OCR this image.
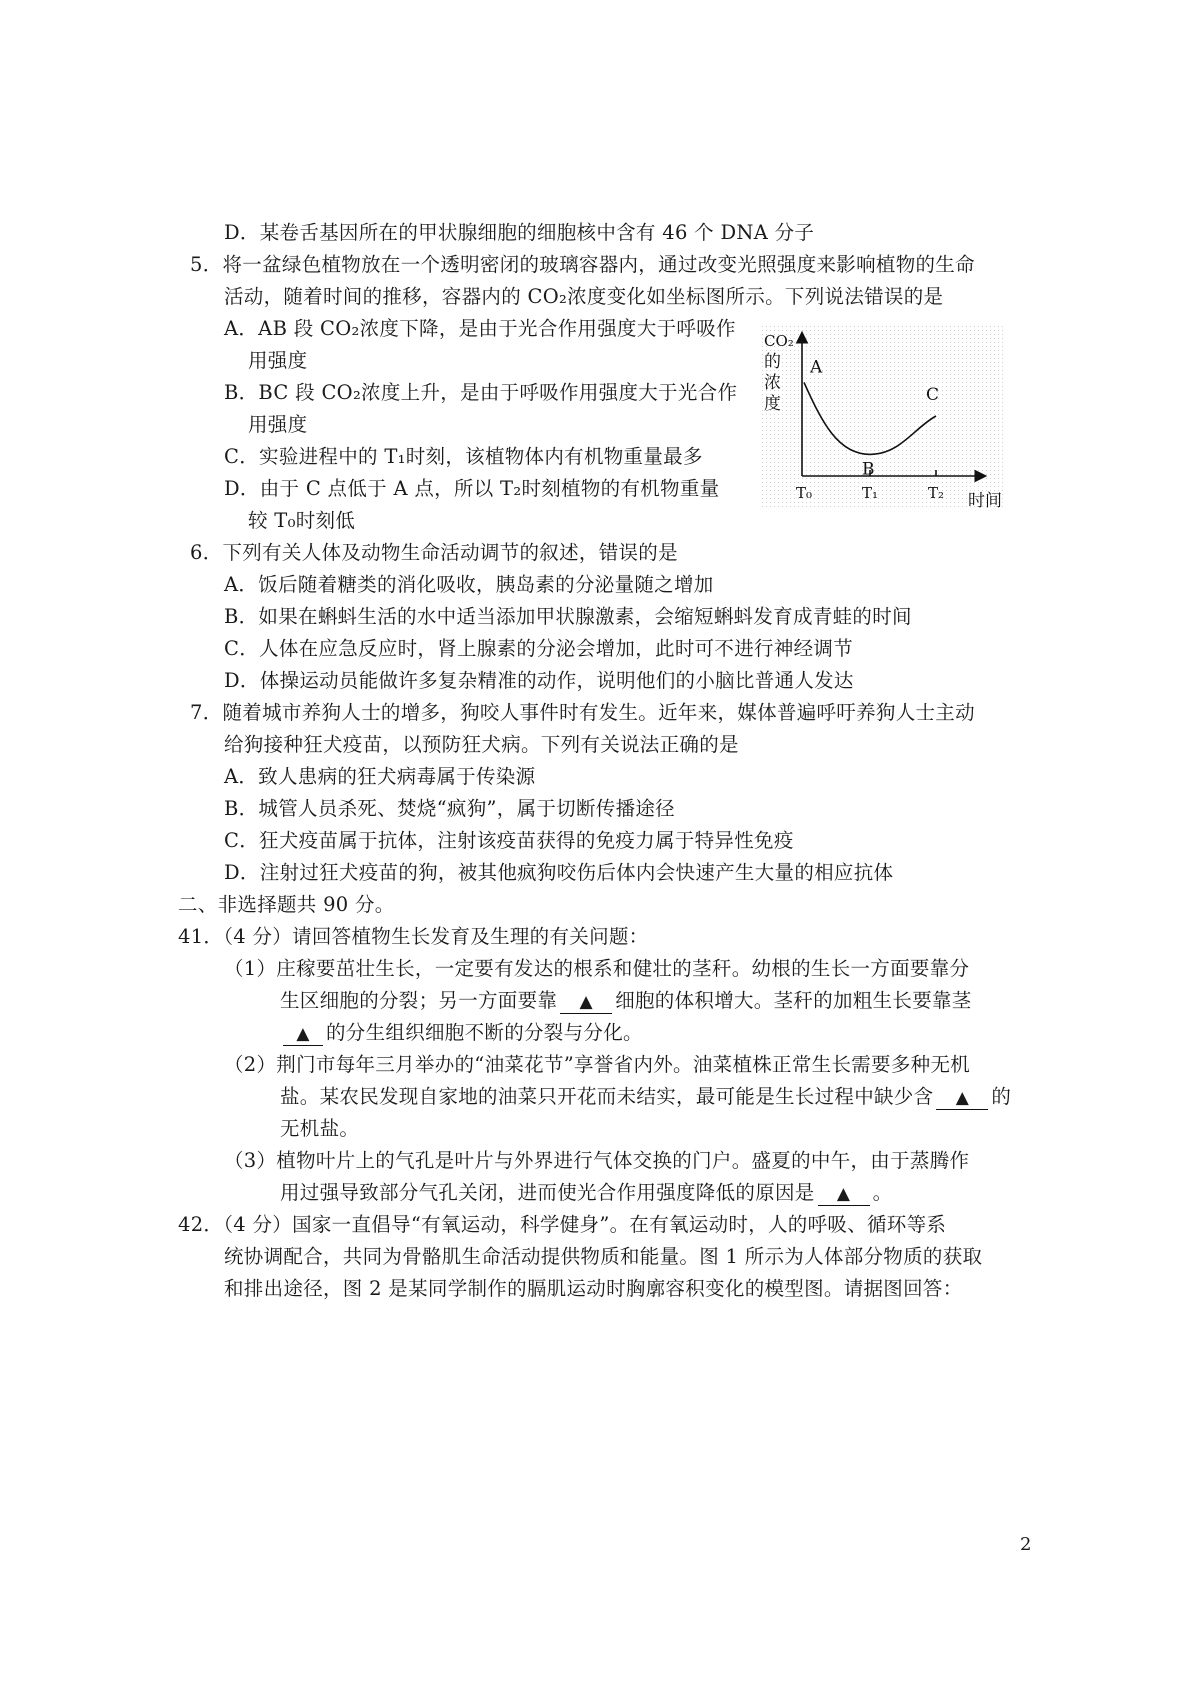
D．某卷舌基因所在的甲状腺细胞的细胞核中含有 46 个 DNA 分子
5．将一盆绿色植物放在一个透明密闭的玻璃容器内，通过改变光照强度来影响植物的生命
活动，随着时间的推移，容器内的 CO₂浓度变化如坐标图所示。下列说法错误的是
A．AB 段 CO₂浓度下降，是由于光合作用强度大于呼吸作
用强度
B．BC 段 CO₂浓度上升，是由于呼吸作用强度大于光合作
用强度
C．实验进程中的 T₁时刻，该植物体内有机物重量最多
D．由于 C 点低于 A 点，所以 T₂时刻植物的有机物重量
较 T₀时刻低
CO₂
的
浓
度
T₀	T₁	T₂
A
B
C
时间
6．下列有关人体及动物生命活动调节的叙述，错误的是
A．饭后随着糖类的消化吸收，胰岛素的分泌量随之增加
B．如果在蝌蚪生活的水中适当添加甲状腺激素，会缩短蝌蚪发育成青蛙的时间
C．人体在应急反应时，肾上腺素的分泌会增加，此时可不进行神经调节
D．体操运动员能做许多复杂精准的动作，说明他们的小脑比普通人发达
7．随着城市养狗人士的增多，狗咬人事件时有发生。近年来，媒体普遍呼吁养狗人士主动
给狗接种狂犬疫苗，以预防狂犬病。下列有关说法正确的是
A．致人患病的狂犬病毒属于传染源
B．城管人员杀死、焚烧“疯狗”，属于切断传播途径
C．狂犬疫苗属于抗体，注射该疫苗获得的免疫力属于特异性免疫
D．注射过狂犬疫苗的狗，被其他疯狗咬伤后体内会快速产生大量的相应抗体
二、非选择题共 90 分。
41．（4 分）请回答植物生长发育及生理的有关问题：
（1）庄稼要茁壮生长，一定要有发达的根系和健壮的茎秆。幼根的生长一方面要靠分
生区细胞的分裂；另一方面要靠 ▲ 细胞的体积增大。茎秆的加粗生长要靠茎
▲ 的分生组织细胞不断的分裂与分化。
（2）荆门市每年三月举办的“油菜花节”享誉省内外。油菜植株正常生长需要多种无机
盐。某农民发现自家地的油菜只开花而未结实，最可能是生长过程中缺少含 ▲ 的
无机盐。
（3）植物叶片上的气孔是叶片与外界进行气体交换的门户。盛夏的中午，由于蒸腾作
用过强导致部分气孔关闭，进而使光合作用强度降低的原因是 ▲ 。
42．（4 分）国家一直倡导“有氧运动，科学健身”。在有氧运动时，人的呼吸、循环等系
统协调配合，共同为骨骼肌生命活动提供物质和能量。图 1 所示为人体部分物质的获取
和排出途径，图 2 是某同学制作的膈肌运动时胸廓容积变化的模型图。请据图回答：
2
